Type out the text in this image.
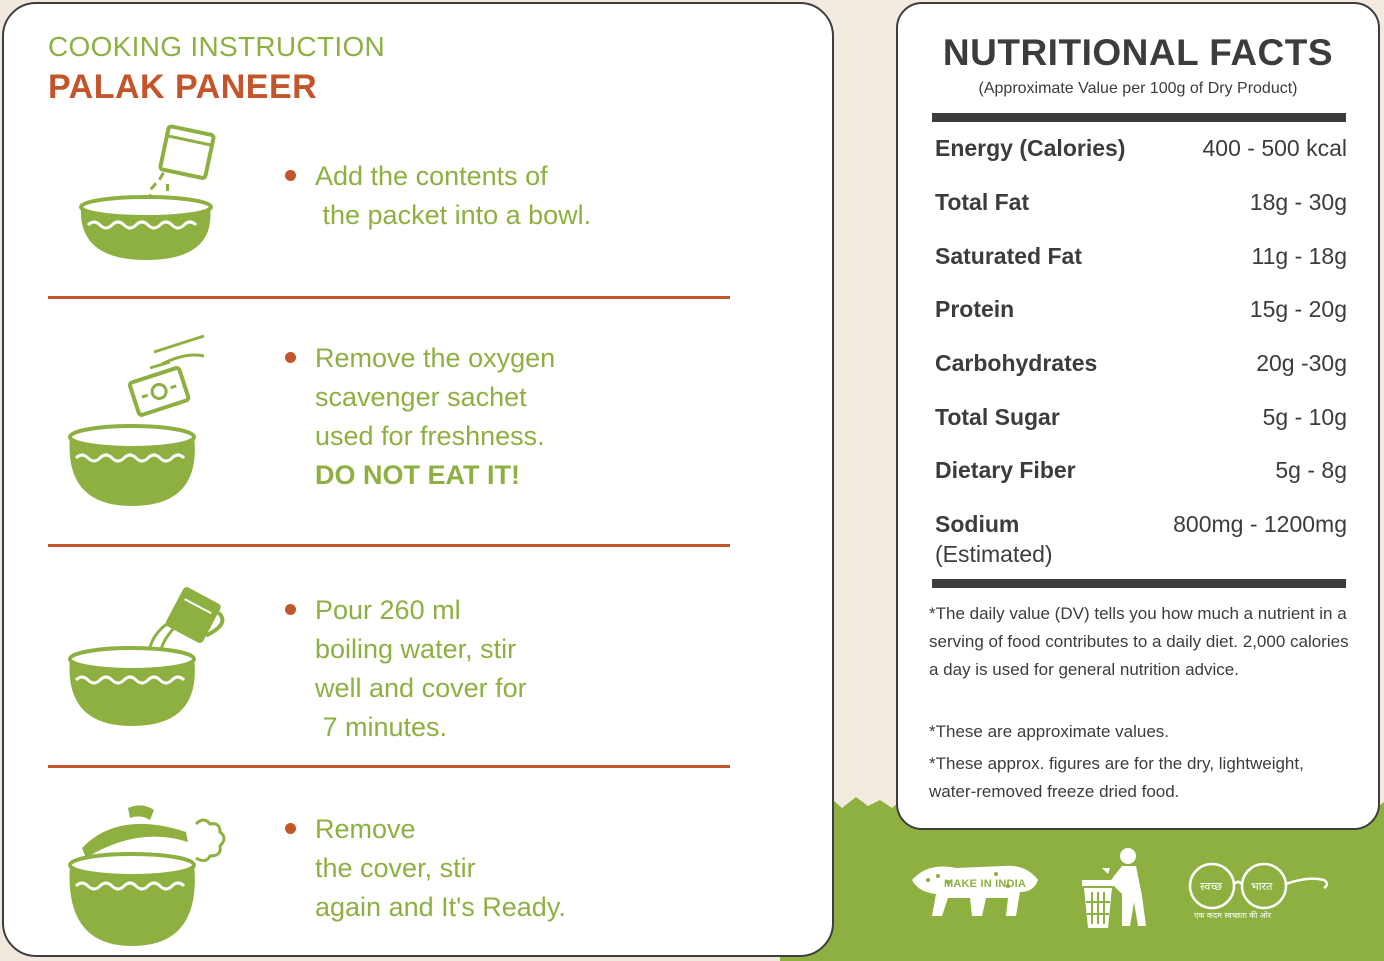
COOKING INSTRUCTION
PALAK PANEER
Add the contents of
the packet into a bowl.
Remove the oxygen
scavenger sachet
used for freshness.
DO NOT EAT IT!
Pour 260 ml
boiling water, stir
well and cover for
7 minutes.
Remove
the cover, stir
again and It's Ready.
NUTRITIONAL FACTS
(Approximate Value per 100g of Dry Product)
Energy (Calories)	400 - 500 kcal
Total Fat	18g - 30g
Saturated Fat	11g - 18g
Protein	15g - 20g
Carbohydrates	20g -30g
Total Sugar	5g - 10g
Dietary Fiber	5g - 8g
Sodium	800mg - 1200mg
(Estimated)
*The daily value (DV) tells you how much a nutrient in a serving of food contributes to a daily diet. 2,000 calories a day is used for general nutrition advice.
*These are approximate values.
*These approx. figures are for the dry, lightweight, water-removed freeze dried food.
MAKE IN INDIA	स्वच्छ	भारत
एक कदम स्वच्छता की ओर
